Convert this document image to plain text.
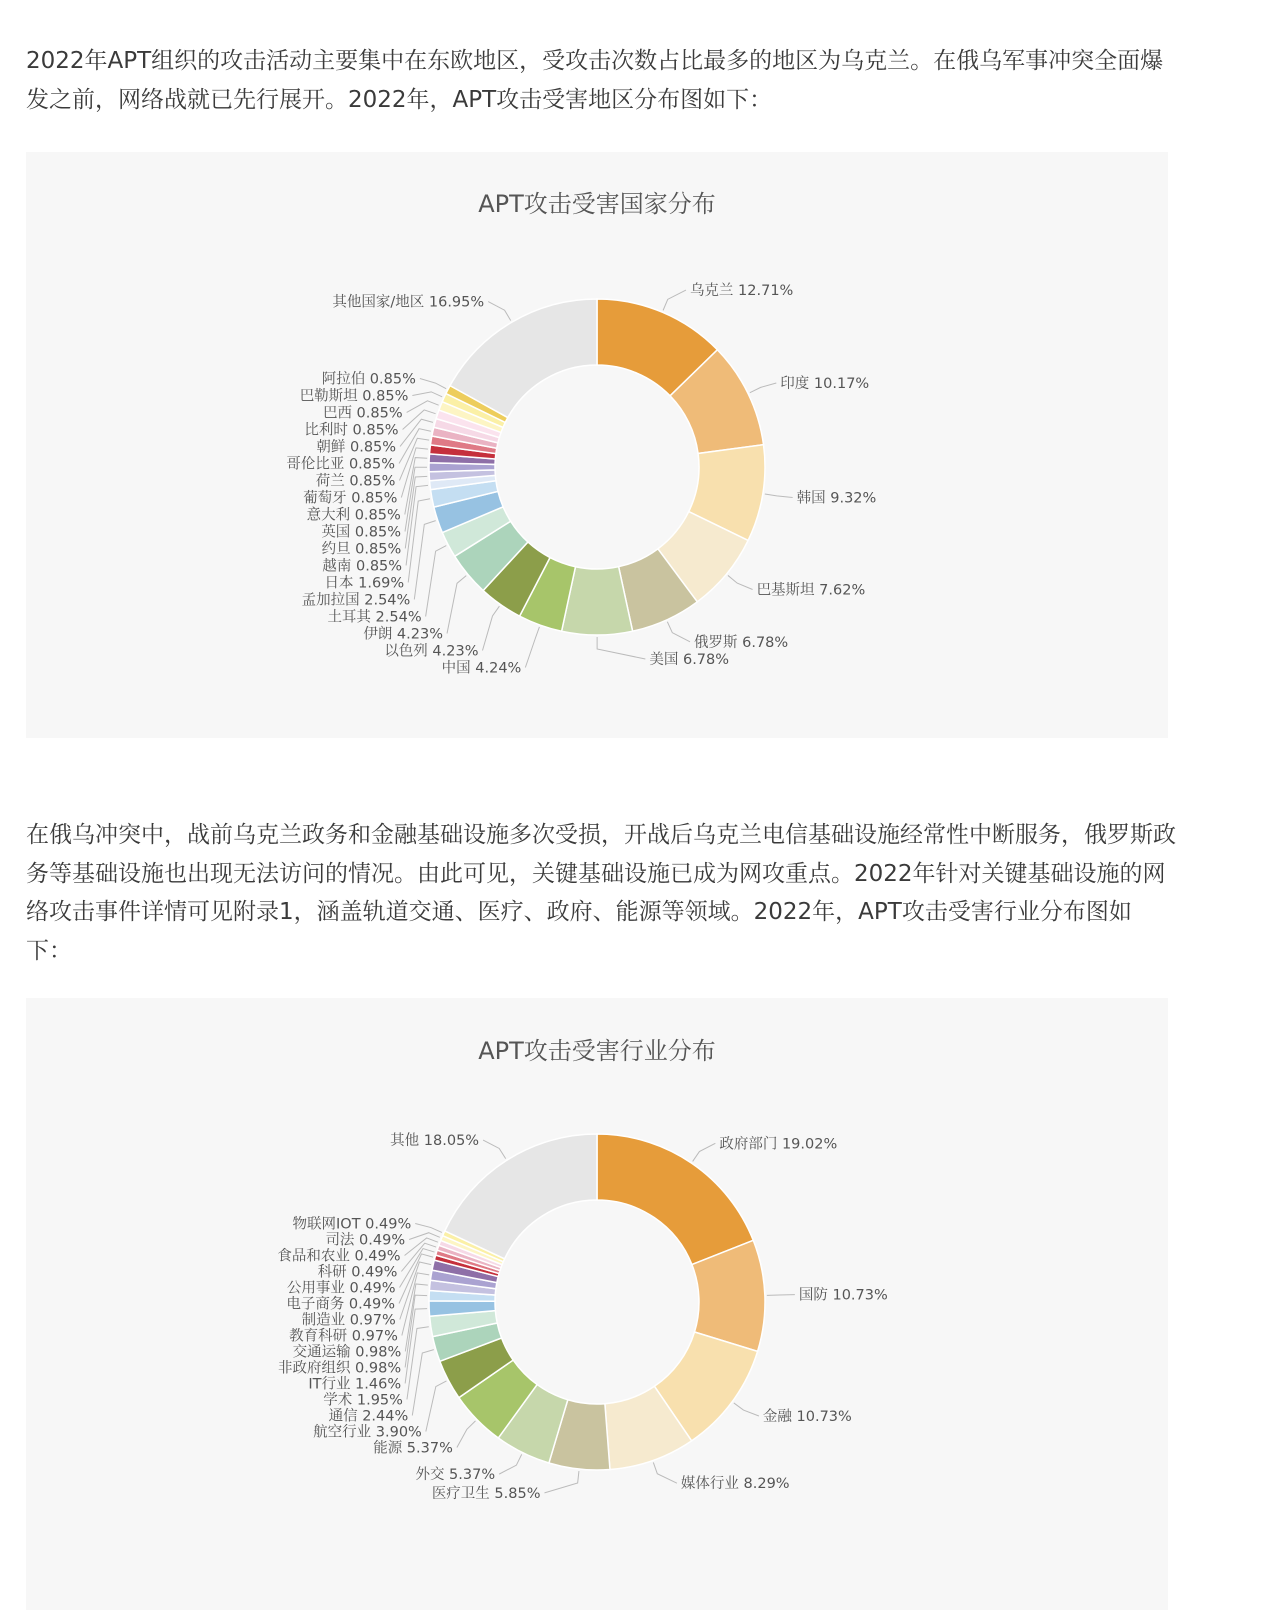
2022年APT组织的攻击活动主要集中在东欧地区，受攻击次数占比最多的地区为乌克兰。在俄乌军事冲突全面爆发之前，网络战就已先行展开。2022年，APT攻击受害地区分布图如下：

APT攻击受害国家分布
乌克兰 12.71%
印度 10.17%
韩国 9.32%
巴基斯坦 7.62%
俄罗斯 6.78%
美国 6.78%
其他国家/地区 16.95%
阿拉伯 0.85%
巴勒斯坦 0.85%
巴西 0.85%
比利时 0.85%
朝鲜 0.85%
哥伦比亚 0.85%
荷兰 0.85%
葡萄牙 0.85%
意大利 0.85%
英国 0.85%
约旦 0.85%
越南 0.85%
日本 1.69%
孟加拉国 2.54%
土耳其 2.54%
伊朗 4.23%
以色列 4.23%
中国 4.24%

在俄乌冲突中，战前乌克兰政务和金融基础设施多次受损，开战后乌克兰电信基础设施经常性中断服务，俄罗斯政务等基础设施也出现无法访问的情况。由此可见，关键基础设施已成为网攻重点。2022年针对关键基础设施的网络攻击事件详情可见附录1，涵盖轨道交通、医疗、政府、能源等领域。2022年，APT攻击受害行业分布图如下：

APT攻击受害行业分布
政府部门 19.02%
国防 10.73%
金融 10.73%
媒体行业 8.29%
其他 18.05%
物联网IOT 0.49%
司法 0.49%
食品和农业 0.49%
科研 0.49%
公用事业 0.49%
电子商务 0.49%
制造业 0.97%
教育科研 0.97%
交通运输 0.98%
非政府组织 0.98%
IT行业 1.46%
学术 1.95%
通信 2.44%
航空行业 3.90%
能源 5.37%
外交 5.37%
医疗卫生 5.85%
